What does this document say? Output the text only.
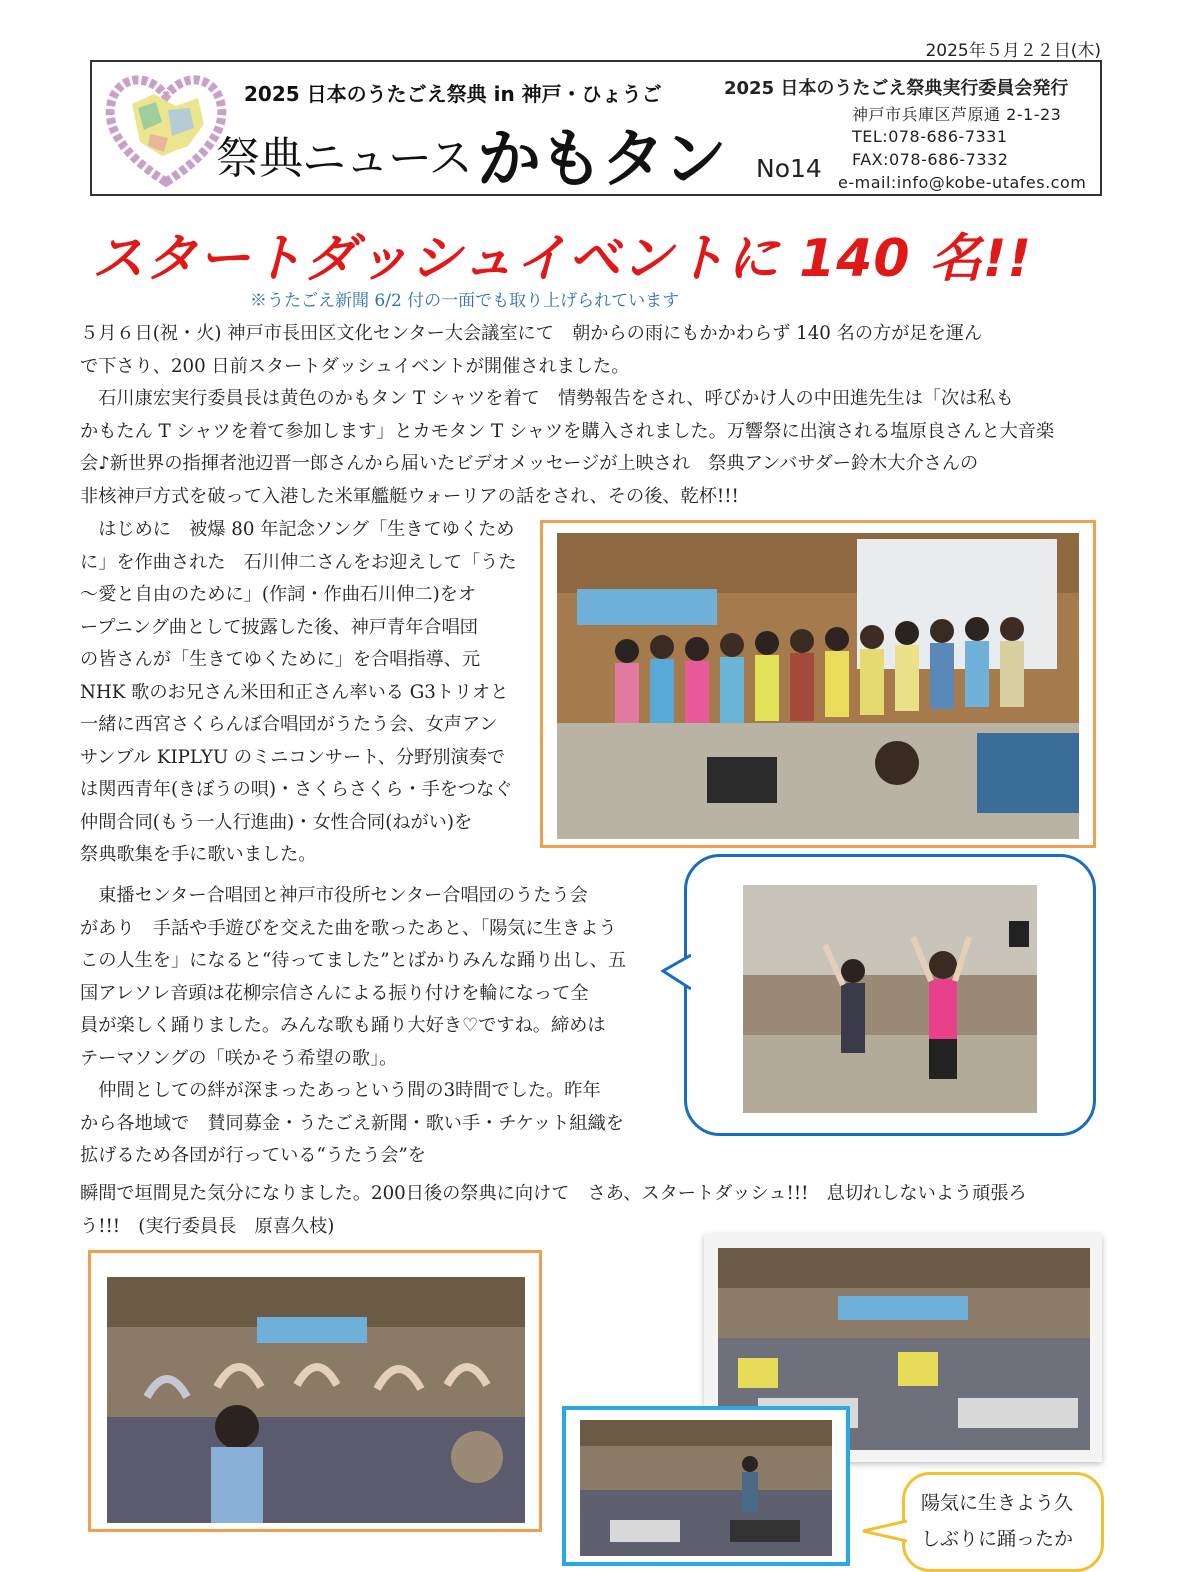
2025年５月２２日(木)
2025 日本のうたごえ祭典 in 神戸・ひょうご
祭典ニュース かもタン No14
2025 日本のうたごえ祭典実行委員会発行
神戸市兵庫区芦原通 2-1-23
TEL:078-686-7331
FAX:078-686-7332
e-mail:info@kobe-utafes.com
スタートダッシュイベントに 140 名!!
※うたごえ新聞 6/2 付の一面でも取り上げられています
５月６日(祝・火) 神戸市長田区文化センター大会議室にて　朝からの雨にもかかわらず 140 名の方が足を運ん
で下さり、200 日前スタートダッシュイベントが開催されました。
　石川康宏実行委員長は黄色のかもタン T シャツを着て　情勢報告をされ、呼びかけ人の中田進先生は「次は私も
かもたん T シャツを着て参加します」とカモタン T シャツを購入されました。万響祭に出演される塩原良さんと大音楽
会♪新世界の指揮者池辺晋一郎さんから届いたビデオメッセージが上映され　祭典アンバサダー鈴木大介さんの
非核神戸方式を破って入港した米軍艦艇ウォーリアの話をされ、その後、乾杯!!!
　はじめに　被爆 80 年記念ソング「生きてゆくため
に」を作曲された　石川伸二さんをお迎えして「うた
〜愛と自由のために」(作詞・作曲石川伸二)をオ
ープニング曲として披露した後、神戸青年合唱団
の皆さんが「生きてゆくために」を合唱指導、元
NHK 歌のお兄さん米田和正さん率いる G3トリオと
一緒に西宮さくらんぼ合唱団がうたう会、女声アン
サンブル KIPLYU のミニコンサート、分野別演奏で
は関西青年(きぼうの唄)・さくらさくら・手をつなぐ
仲間合同(もう一人行進曲)・女性合同(ねがい)を
祭典歌集を手に歌いました。
　東播センター合唱団と神戸市役所センター合唱団のうたう会
があり　手話や手遊びを交えた曲を歌ったあと、「陽気に生きよう
この人生を」になると“待ってました”とばかりみんな踊り出し、五
国アレソレ音頭は花柳宗信さんによる振り付けを輪になって全
員が楽しく踊りました。みんな歌も踊り大好き♡ですね。締めは
テーマソングの「咲かそう希望の歌」。
　仲間としての絆が深まったあっという間の3時間でした。昨年
から各地域で　賛同募金・うたごえ新聞・歌い手・チケット組織を
拡げるため各団が行っている“うたう会”を
瞬間で垣間見た気分になりました。200日後の祭典に向けて　さあ、スタートダッシュ!!!　息切れしないよう頑張ろ
う!!!　(実行委員長　原喜久枝)
陽気に生きよう久
しぶりに踊ったか
